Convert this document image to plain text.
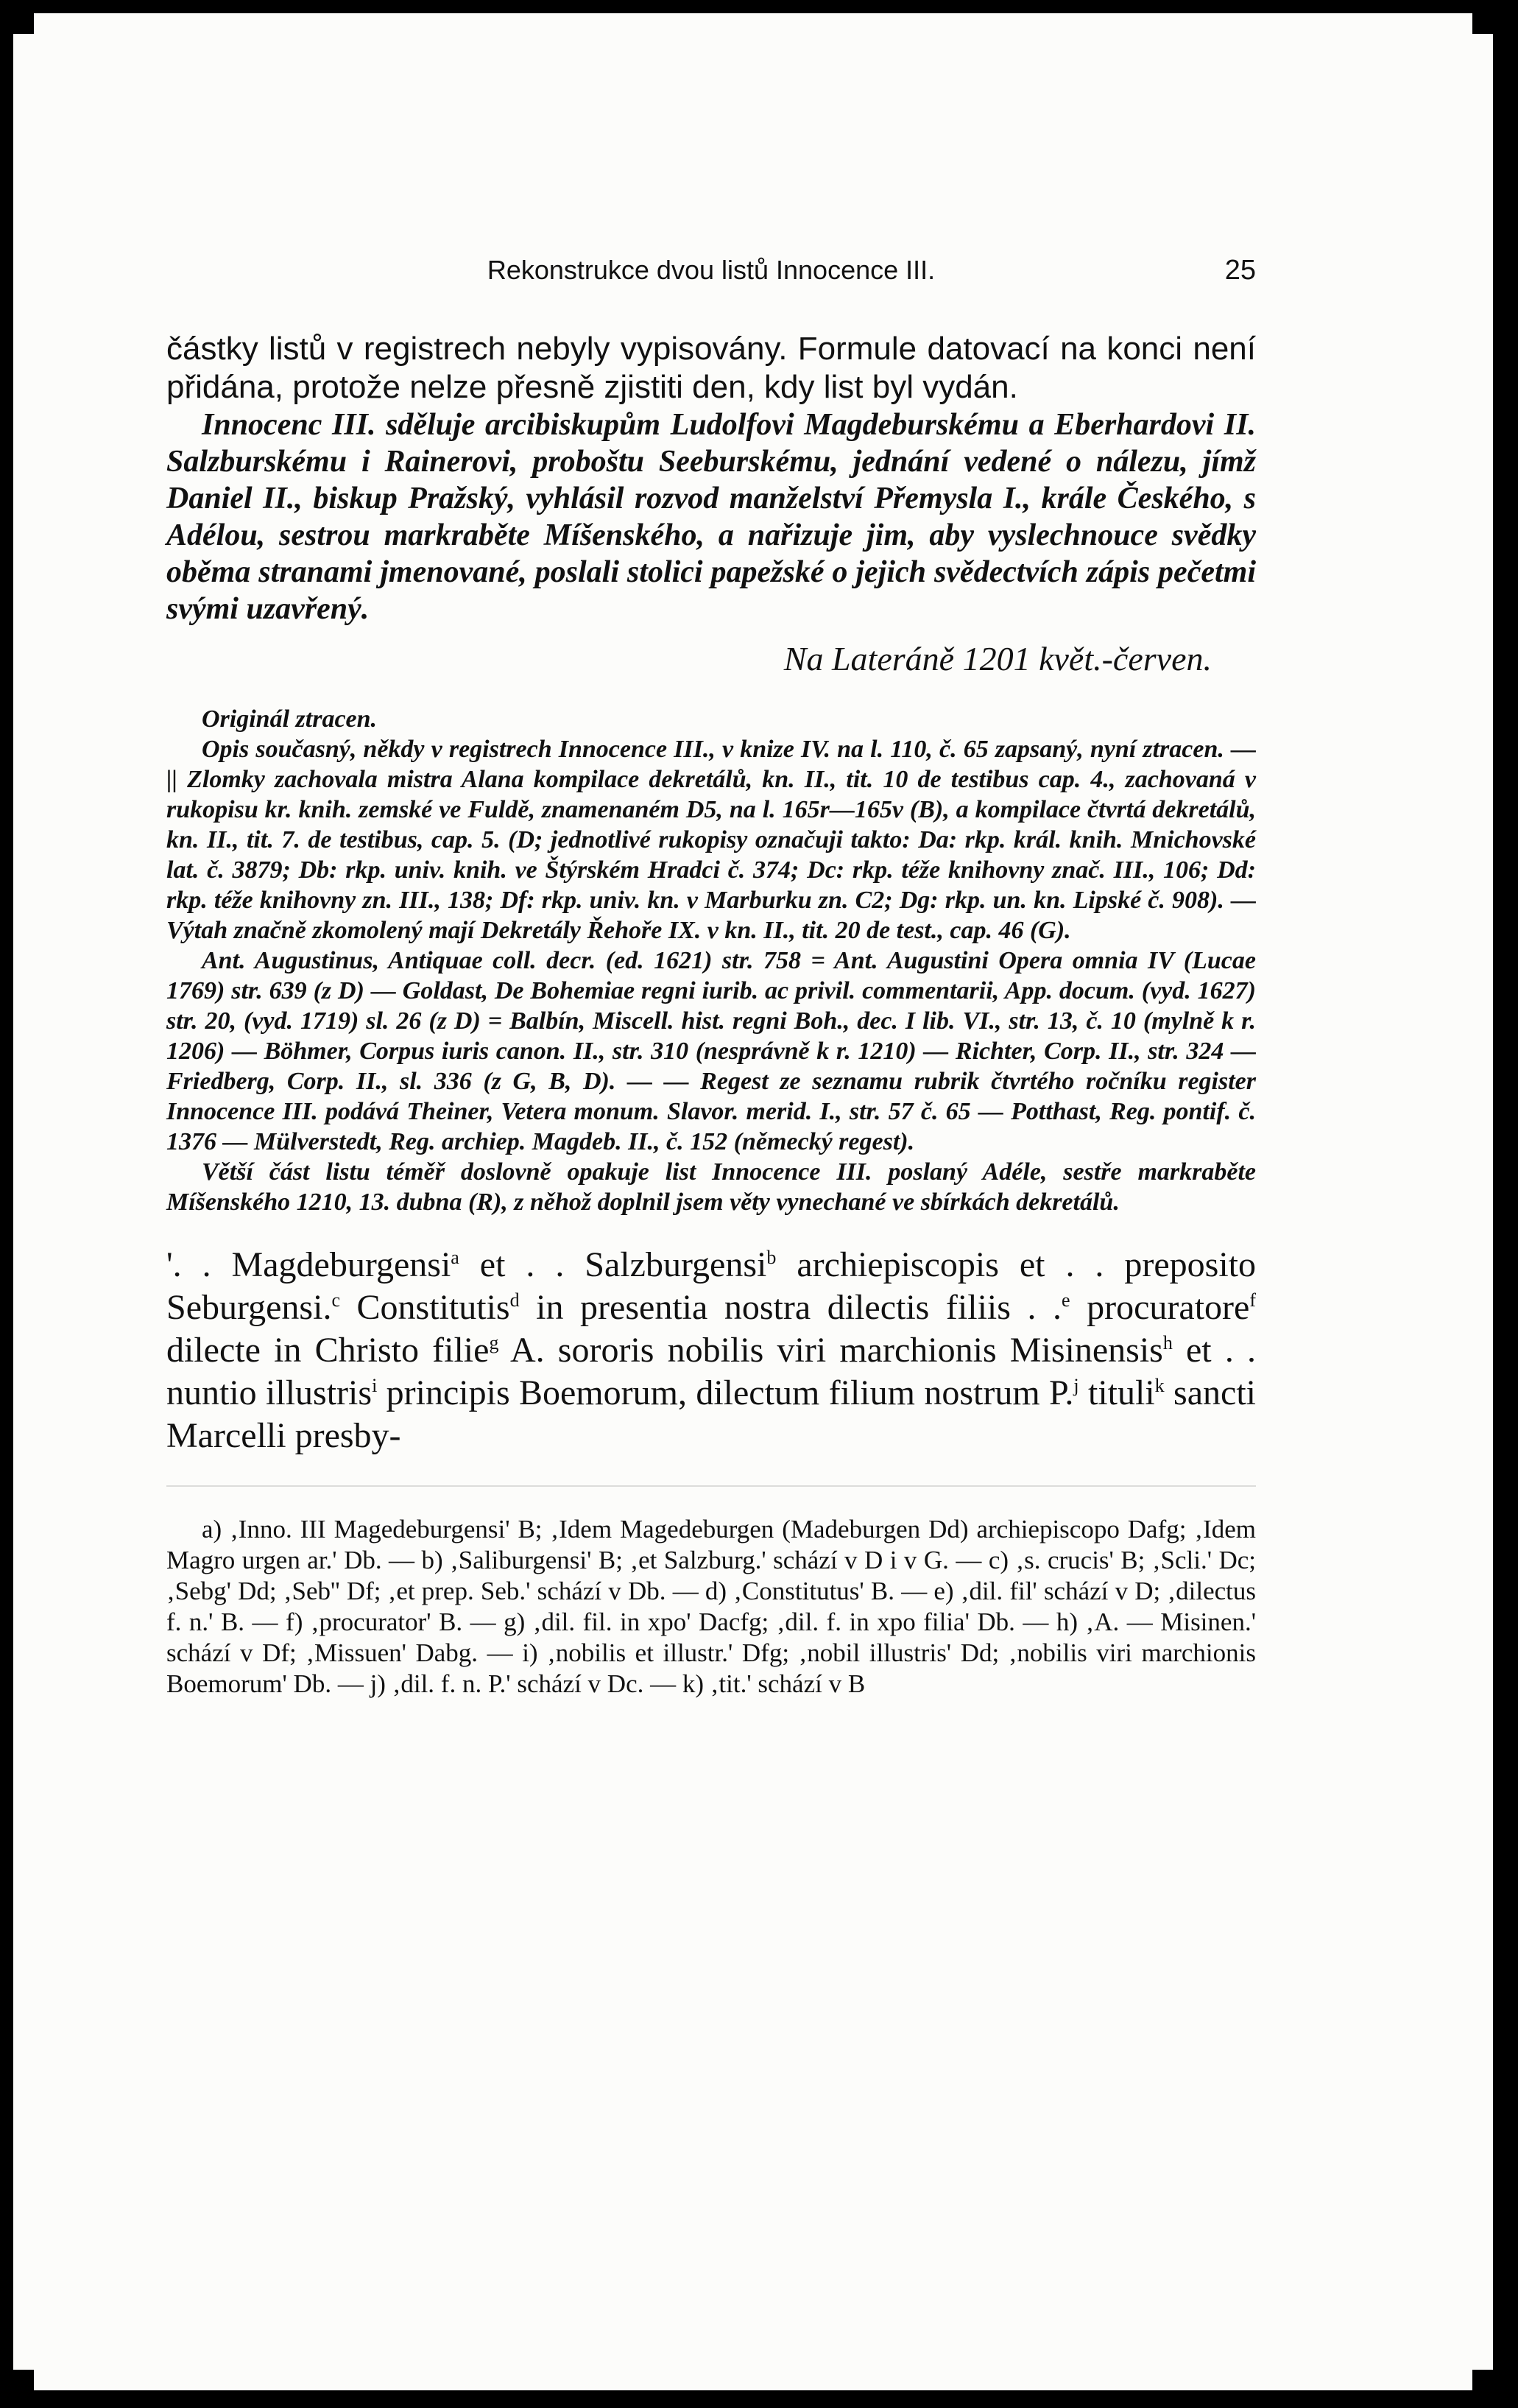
Rekonstrukce dvou listů Innocence III.	25

částky listů v registrech nebyly vypisovány. Formule datovací na konci není přidána, protože nelze přesně zjistiti den, kdy list byl vydán.

Innocenc III. sděluje arcibiskupům Ludolfovi Magdeburskému a Eberhardovi II. Salzburskému i Rainerovi, proboštu Seeburskému, jednání vedené o nálezu, jímž Daniel II., biskup Pražský, vyhlásil rozvod manželství Přemysla I., krále Českého, s Adélou, sestrou markraběte Míšenského, a nařizuje jim, aby vyslechnouce svědky oběma stranami jmenované, poslali stolici papežské o jejich svědectvích zápis pečetmi svými uzavřený.

Na Lateráně 1201 květ.-červen.

Originál ztracen.

Opis současný, někdy v registrech Innocence III., v knize IV. na l. 110, č. 65 zapsaný, nyní ztracen. — || Zlomky zachovala mistra Alana kompilace dekretálů, kn. II., tit. 10 de testibus cap. 4., zachovaná v rukopisu kr. knih. zemské ve Fuldě, znamenaném D5, na l. 165r—165v (B), a kompilace čtvrtá dekretálů, kn. II., tit. 7. de testibus, cap. 5. (D; jednotlivé rukopisy označuji takto: Da: rkp. král. knih. Mnichovské lat. č. 3879; Db: rkp. univ. knih. ve Štýrském Hradci č. 374; Dc: rkp. téže knihovny znač. III., 106; Dd: rkp. téže knihovny zn. III., 138; Df: rkp. univ. kn. v Marburku zn. C2; Dg: rkp. un. kn. Lipské č. 908). — Výtah značně zkomolený mají Dekretály Řehoře IX. v kn. II., tit. 20 de test., cap. 46 (G).

Ant. Augustinus, Antiquae coll. decr. (ed. 1621) str. 758 = Ant. Augustini Opera omnia IV (Lucae 1769) str. 639 (z D) — Goldast, De Bohemiae regni iurib. ac privil. commentarii, App. docum. (vyd. 1627) str. 20, (vyd. 1719) sl. 26 (z D) = Balbín, Miscell. hist. regni Boh., dec. I lib. VI., str. 13, č. 10 (mylně k r. 1206) — Böhmer, Corpus iuris canon. II., str. 310 (nesprávně k r. 1210) — Richter, Corp. II., str. 324 — Friedberg, Corp. II., sl. 336 (z G, B, D). — — Regest ze seznamu rubrik čtvrtého ročníku register Innocence III. podává Theiner, Vetera monum. Slavor. merid. I., str. 57 č. 65 — Potthast, Reg. pontif. č. 1376 — Mülverstedt, Reg. archiep. Magdeb. II., č. 152 (německý regest).

Větší část listu téměř doslovně opakuje list Innocence III. poslaný Adéle, sestře markraběte Míšenského 1210, 13. dubna (R), z něhož doplnil jsem věty vynechané ve sbírkách dekretálů.

'. . Magdeburgensi$^a$ et . . Salzburgensi$^b$ archiepiscopis et . . preposito Seburgensi.$^c$ Constitutis$^d$ in presentia nostra dilectis filiis . .$^e$ procuratore$^f$ dilecte in Christo filie$^g$ A. sororis nobilis viri marchionis Misinensis$^h$ et . . nuntio illustris$^i$ principis Boemorum, dilectum filium nostrum P.$^j$ tituli$^k$ sancti Marcelli presby-

a) ‚Inno. III Magedeburgensi' B; ‚Idem Magedeburgen (Madeburgen Dd) archiepiscopo Dafg; ‚Idem Magro urgen ar.' Db. — b) ‚Saliburgensi' B; ‚et Salzburg.' schází v D i v G. — c) ‚s. crucis' B; ‚Scli.' Dc; ‚Sebg' Dd; ‚Seb'' Df; ‚et prep. Seb.' schází v Db. — d) ‚Constitutus' B. — e) ‚dil. fil' schází v D; ‚dilectus f. n.' B. — f) ‚procurator' B. — g) ‚dil. fil. in xpo' Dacfg; ‚dil. f. in xpo filia' Db. — h) ‚A. — Misinen.' schází v Df; ‚Missuen' Dabg. — i) ‚nobilis et illustr.' Dfg; ‚nobil illustris' Dd; ‚nobilis viri marchionis Boemorum' Db. — j) ‚dil. f. n. P.' schází v Dc. — k) ‚tit.' schází v B
